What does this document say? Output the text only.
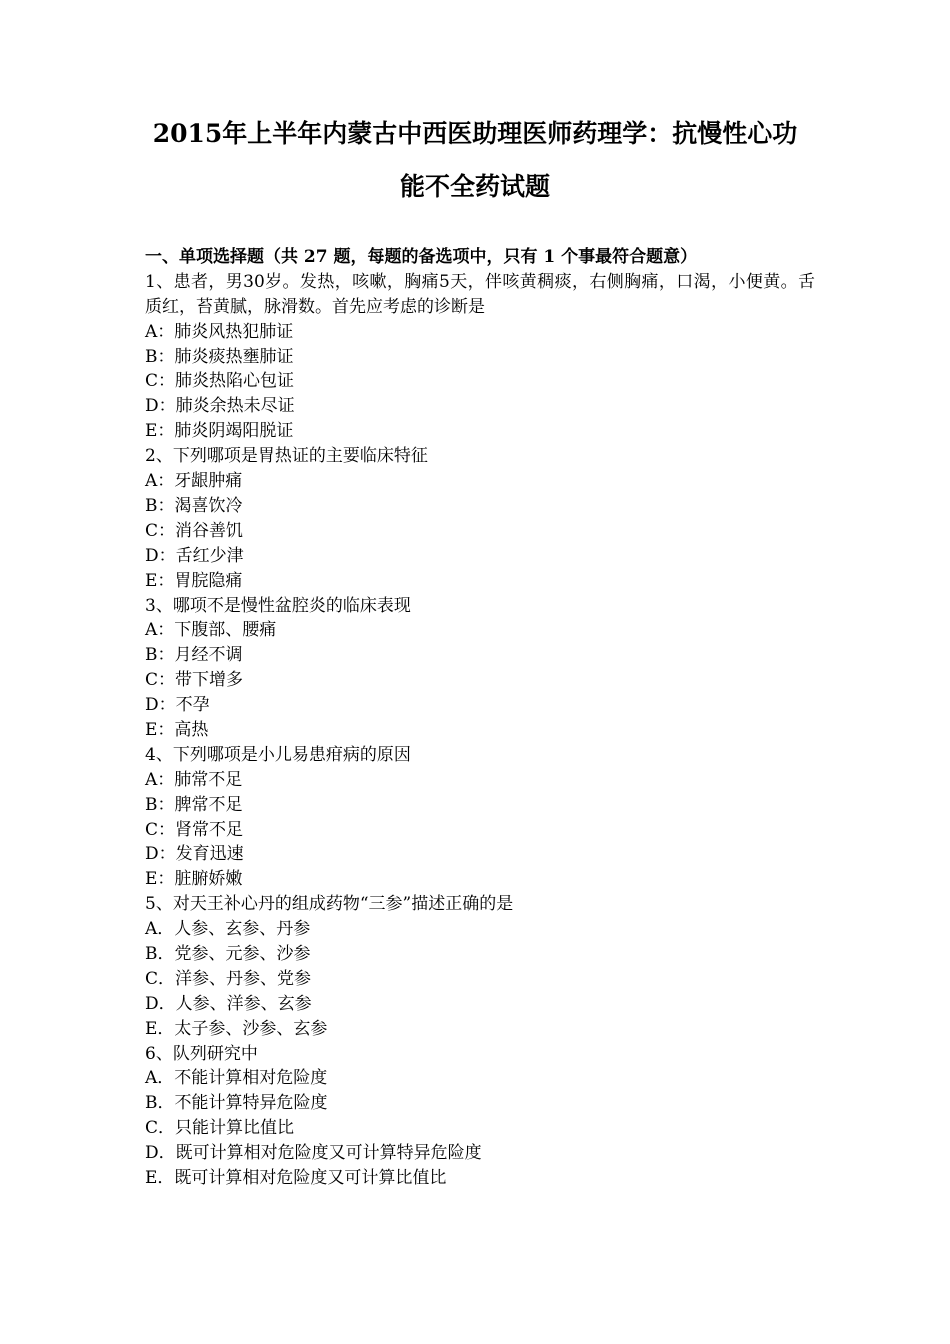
2015年上半年内蒙古中西医助理医师药理学：抗慢性心功
能不全药试题

一、单项选择题（共 27 题，每题的备选项中，只有 1 个事最符合题意）

1、患者，男30岁。发热，咳嗽，胸痛5天，伴咳黄稠痰，右侧胸痛，口渴，小便黄。舌质红，苔黄腻，脉滑数。首先应考虑的诊断是

A：肺炎风热犯肺证

B：肺炎痰热壅肺证

C：肺炎热陷心包证

D：肺炎余热未尽证

E：肺炎阴竭阳脱证

2、下列哪项是胃热证的主要临床特征

A：牙龈肿痛

B：渴喜饮冷

C：消谷善饥

D：舌红少津

E：胃脘隐痛

3、哪项不是慢性盆腔炎的临床表现

A：下腹部、腰痛

B：月经不调

C：带下增多

D：不孕

E：高热

4、下列哪项是小儿易患疳病的原因

A：肺常不足

B：脾常不足

C：肾常不足

D：发育迅速

E：脏腑娇嫩

5、对天王补心丹的组成药物“三参”描述正确的是

A．人参、玄参、丹参

B．党参、元参、沙参

C．洋参、丹参、党参

D．人参、洋参、玄参

E．太子参、沙参、玄参

6、队列研究中

A．不能计算相对危险度

B．不能计算特异危险度

C．只能计算比值比

D．既可计算相对危险度又可计算特异危险度

E．既可计算相对危险度又可计算比值比
